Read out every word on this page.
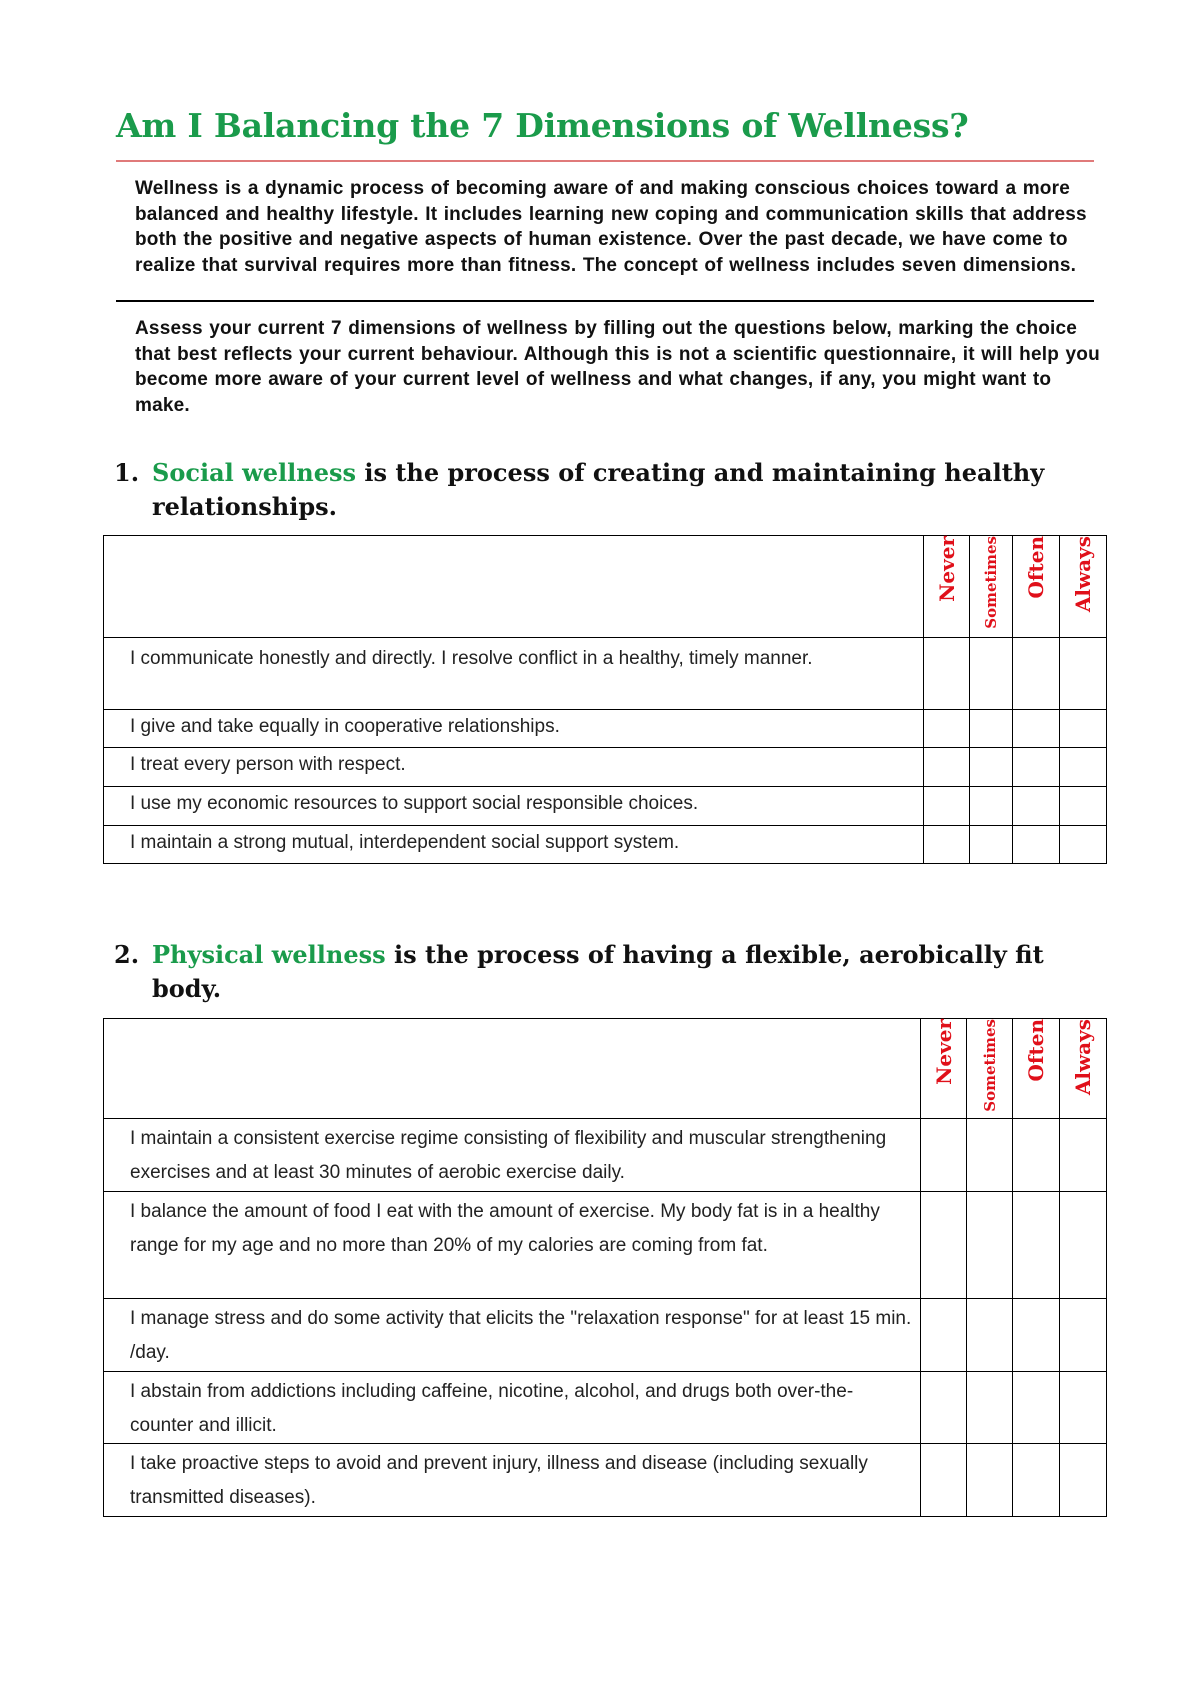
Am I Balancing the 7 Dimensions of Wellness?
Wellness is a dynamic process of becoming aware of and making conscious choices toward a more balanced and healthy lifestyle. It includes learning new coping and communication skills that address both the positive and negative aspects of human existence. Over the past decade, we have come to realize that survival requires more than fitness. The concept of wellness includes seven dimensions.
Assess your current 7 dimensions of wellness by filling out the questions below, marking the choice that best reflects your current behaviour. Although this is not a scientific questionnaire, it will help you become more aware of your current level of wellness and what changes, if any, you might want to make.
1. Social wellness is the process of creating and maintaining healthy
relationships.

	Never	Sometimes	Often	Always

I communicate honestly and directly. I resolve conflict in a healthy, timely manner.				
I give and take equally in cooperative relationships.				
I treat every person with respect.				
I use my economic resources to support social responsible choices.				
I maintain a strong mutual, interdependent social support system.				
2. Physical wellness is the process of having a flexible, aerobically fit
body.

	Never	Sometimes	Often	Always

I maintain a consistent exercise regime consisting of flexibility and muscular strengthening exercises and at least 30 minutes of aerobic exercise daily.				
I balance the amount of food I eat with the amount of exercise. My body fat is in a healthy range for my age and no more than 20% of my calories are coming from fat.				
I manage stress and do some activity that elicits the "relaxation response" for at least 15 min. /day.				
I abstain from addictions including caffeine, nicotine, alcohol, and drugs both over-the-counter and illicit.				
I take proactive steps to avoid and prevent injury, illness and disease (including sexually transmitted diseases).				
